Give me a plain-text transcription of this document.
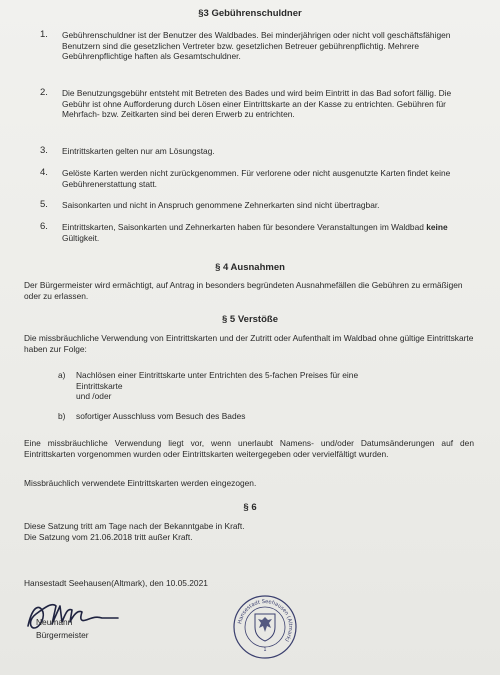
§3 Gebührenschuldner
1.	Gebührenschuldner ist der Benutzer des Waldbades. Bei minderjährigen oder nicht voll geschäftsfähigen Benutzern sind die gesetzlichen Vertreter bzw. gesetzlichen Betreuer gebührenpflichtig. Mehrere Gebührenpflichtige haften als Gesamtschuldner.
2.	Die Benutzungsgebühr entsteht mit Betreten des Bades und wird beim Eintritt in das Bad sofort fällig. Die Gebühr ist ohne Aufforderung durch Lösen einer Eintrittskarte an der Kasse zu entrichten. Gebühren für Mehrfach- bzw. Zeitkarten sind bei deren Erwerb zu entrichten.
3.	Eintrittskarten gelten nur am Lösungstag.
4.	Gelöste Karten werden nicht zurückgenommen. Für verlorene oder nicht ausgenutzte Karten findet keine Gebührenerstattung statt.
5.	Saisonkarten und nicht in Anspruch genommene Zehnerkarten sind nicht übertragbar.
6.	Eintrittskarten, Saisonkarten und Zehnerkarten haben für besondere Veranstaltungen im Waldbad keine Gültigkeit.
§ 4 Ausnahmen
Der Bürgermeister wird ermächtigt, auf Antrag in besonders begründeten Ausnahmefällen die Gebühren zu ermäßigen oder zu erlassen.
§ 5 Verstöße
Die missbräuchliche Verwendung von Eintrittskarten und der Zutritt oder Aufenthalt im Waldbad ohne gültige Eintrittskarte haben zur Folge:
a)	Nachlösen einer Eintrittskarte unter Entrichten des 5-fachen Preises für eine
Eintrittskarte
und /oder
b)	sofortiger Ausschluss vom Besuch des Bades
Eine missbräuchliche Verwendung liegt vor, wenn unerlaubt Namens- und/oder Datumsänderungen auf den Eintrittskarten vorgenommen wurden oder Eintrittskarten weitergegeben oder vervielfältigt wurden.
Missbräuchlich verwendete Eintrittskarten werden eingezogen.
§ 6
Diese Satzung tritt am Tage nach der Bekanntgabe in Kraft.
Die Satzung vom 21.06.2018 tritt außer Kraft.
Hansestadt Seehausen(Altmark), den 10.05.2021
Neumann
Bürgermeister
Hansestadt Seehausen (Altmark)
1
